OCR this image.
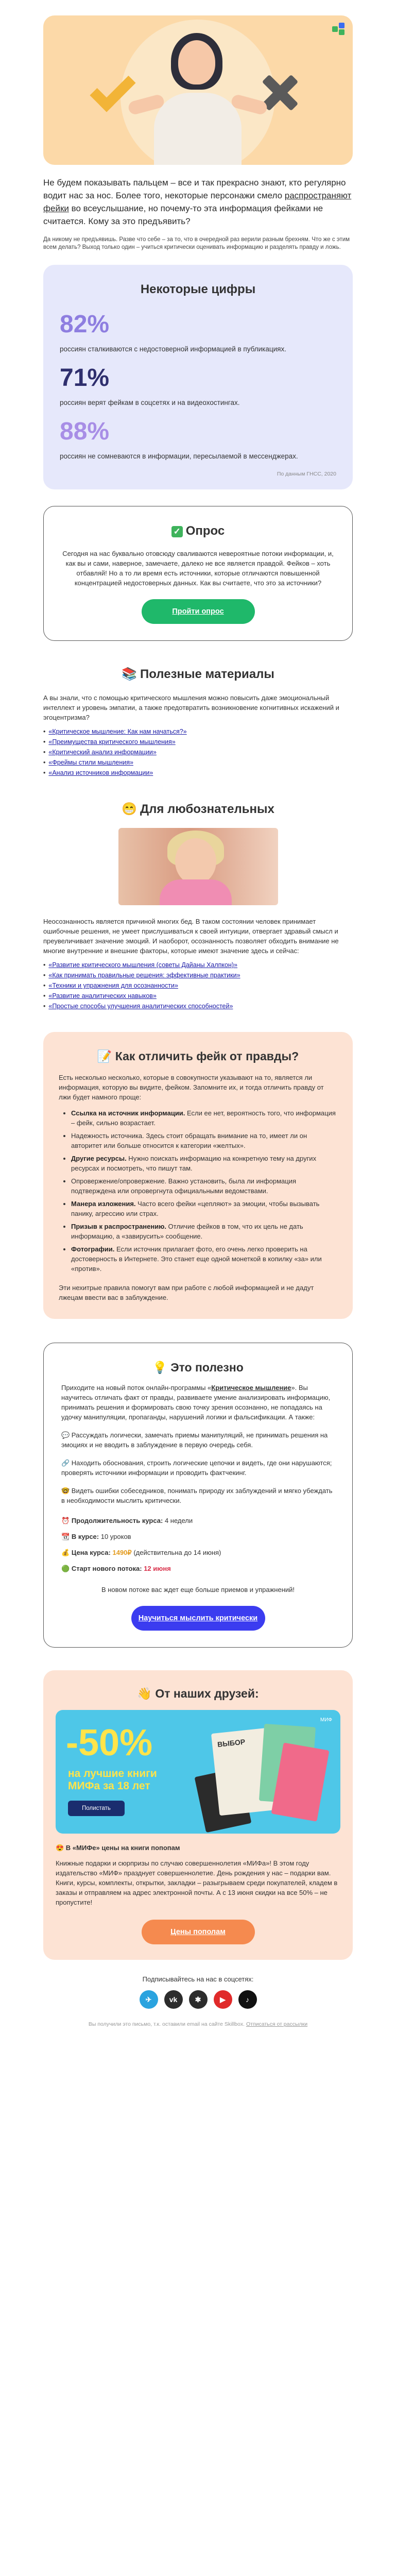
Не будем показывать пальцем – все и так прекрасно знают, кто регулярно водит нас за нос. Более того, некоторые персонажи смело распространяют фейки во всеуслышание, но почему-то эта информация фейками не считается. Кому за это предъявить?
Да никому не предъявишь. Разве что себе – за то, что в очередной раз верили разным брехням. Что же с этим всем делать? Выход только один – учиться критически оценивать информацию и разделять правду и ложь.
Некоторые цифры
82%
россиян сталкиваются с недостоверной информацией в публикациях.
71%
россиян верят фейкам в соцсетях и на видеохостингах.
88%
россиян не сомневаются в информации, пересылаемой в мессенджерах.
По данным ГНСС, 2020
✓ Опрос

Сегодня на нас буквально отовсюду сваливаются невероятные потоки информации, и, как вы и сами, наверное, замечаете, далеко не все является правдой. Фейков – хоть отбавляй! Но а то ли время есть источники, которые отличаются повышенной концентрацией недостоверных данных. Как вы считаете, что это за источники?

Пройти опрос
📚 Полезные материалы

А вы знали, что с помощью критического мышления можно повысить даже эмоциональный интеллект и уровень эмпатии, а также предотвратить возникновение когнитивных искажений и эгоцентризма?

• «Критическое мышление: Как нам начаться?»
• «Преимущества критического мышления»
• «Критический анализ информации»
• «Фреймы стили мышления»
• «Анализ источников информации»
😁 Для любознательных

Неосознанность является причиной многих бед. В таком состоянии человек принимает ошибочные решения, не умеет прислушиваться к своей интуиции, отвергает здравый смысл и преувеличивает значение эмоций. И наоборот, осознанность позволяет обходить внимание не многие внутренние и внешние факторы, которые имеют значение здесь и сейчас:

• «Развитие критического мышления (советы Дайаны Халпкон)»
• «Как принимать правильные решения: эффективные практики»
• «Техники и упражнения для осознанности»
• «Развитие аналитических навыков»
• «Простые способы улучшения аналитических способностей»
📝 Как отличить фейк от правды?

Есть несколько несколько, которые в совокупности указывают на то, является ли информация, которую вы видите, фейком. Запомните их, и тогда отличить правду от лжи будет намного проще:

• Ссылка на источник информации. Если ее нет, вероятность того, что информация – фейк, сильно возрастает.
• Надежность источника. Здесь стоит обращать внимание на то, имеет ли он авторитет или больше относится к категории «желтых».
• Другие ресурсы. Нужно поискать информацию на конкретную тему на других ресурсах и посмотреть, что пишут там.
• Опровержение/опровержение. Важно установить, была ли информация подтверждена или опровергнута официальными ведомствами.
• Манера изложения. Часто всего фейки «цепляют» за эмоции, чтобы вызывать панику, агрессию или страх.
• Призыв к распространению. Отличие фейков в том, что их цель не дать информацию, а «завирусить» сообщение.
• Фотографии. Если источник прилагает фото, его очень легко проверить на достоверность в Интернете. Это станет еще одной монеткой в копилку «за» или «против».

Эти нехитрые правила помогут вам при работе с любой информацией и не дадут лжецам ввести вас в заблуждение.

💡 Это полезно

Приходите на новый поток онлайн-программы «Критическое мышление». Вы научитесь отличать факт от правды, развиваете умение анализировать информацию, принимать решения и формировать свою точку зрения осознанно, не попадаясь на удочку манипуляции, пропаганды, нарушений логики и фальсификации. А также:

💬 Рассуждать логически, замечать приемы манипуляций, не принимать решения на эмоциях и не вводить в заблуждение в первую очередь себя.

🔗 Находить обоснования, строить логические цепочки и видеть, где они нарушаются; проверять источники информации и проводить фактчекинг.

🤓 Видеть ошибки собеседников, понимать природу их заблуждений и мягко убеждать в необходимости мыслить критически.

⏰ Продолжительность курса: 4 недели
📆 В курсе: 10 уроков
💰 Цена курса: 1490₽ (действительна до 14 июня)
🟢 Старт нового потока: 12 июня

В новом потоке вас ждет еще больше приемов и упражнений!

Научиться мыслить критически
👋 От наших друзей:
-50%
на лучшие книги
МИФа за 18 лет
Полистать
МИФ
ВЫБОР
😍 В «МИФе» цены на книги попопам

Книжные подарки и сюрпризы по случаю совершеннолетия «МИФа»! В этом году издательство «МИФ» празднует совершеннолетие. День рождения у нас – подарки вам. Книги, курсы, комплекты, открытки, закладки – разыгрываем среди покупателей, кладем в заказы и отправляем на адрес электронной почты. А с 13 июня скидки на все 50% – не пропустите!

Цены пополам
Подписывайтесь на нас в соцсетях:
✈	vk	✱	▶	♪
Вы получили это письмо, т.к. оставили email на сайте Skillbox. Отписаться от рассылки
